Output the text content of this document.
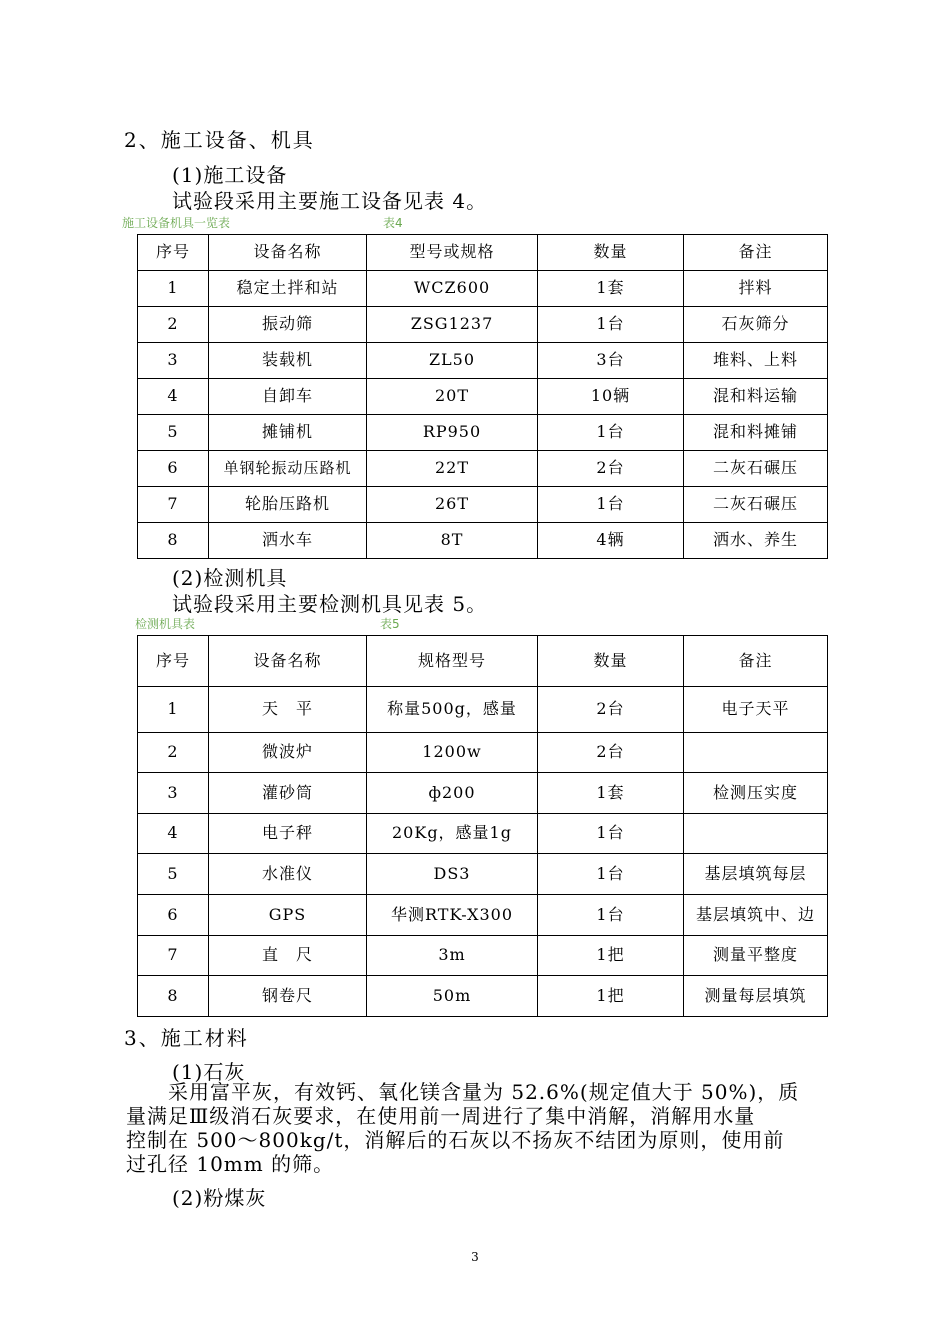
2、施工设备、机具
(1)施工设备
试验段采用主要施工设备见表 4。
施工设备机具一览表	表4
序号	设备名称	型号或规格	数量	备注
1	稳定土拌和站	WCZ600	1套	拌料
2	振动筛	ZSG1237	1台	石灰筛分
3	装载机	ZL50	3台	堆料、上料
4	自卸车	20T	10辆	混和料运输
5	摊铺机	RP950	1台	混和料摊铺
6	单钢轮振动压路机	22T	2台	二灰石碾压
7	轮胎压路机	26T	1台	二灰石碾压
8	洒水车	8T	4辆	洒水、养生
(2)检测机具
试验段采用主要检测机具见表 5。
检测机具表	表5
序号	设备名称	规格型号	数量	备注
1	天　平	称量500g，感量	2台	电子天平
2	微波炉	1200w	2台	
3	灌砂筒	ф200	1套	检测压实度
4	电子秤	20Kg，感量1g	1台	
5	水准仪	DS3	1台	基层填筑每层
6	GPS	华测RTK-X300	1台	基层填筑中、边
7	直　尺	3m	1把	测量平整度
8	钢卷尺	50m	1把	测量每层填筑
3、施工材料
(1)石灰
　　采用富平灰，有效钙、氧化镁含量为 52.6%(规定值大于 50%)，质
量满足Ⅲ级消石灰要求，在使用前一周进行了集中消解，消解用水量
控制在 500～800kg/t，消解后的石灰以不扬灰不结团为原则，使用前
过孔径 10mm 的筛。
(2)粉煤灰
3
